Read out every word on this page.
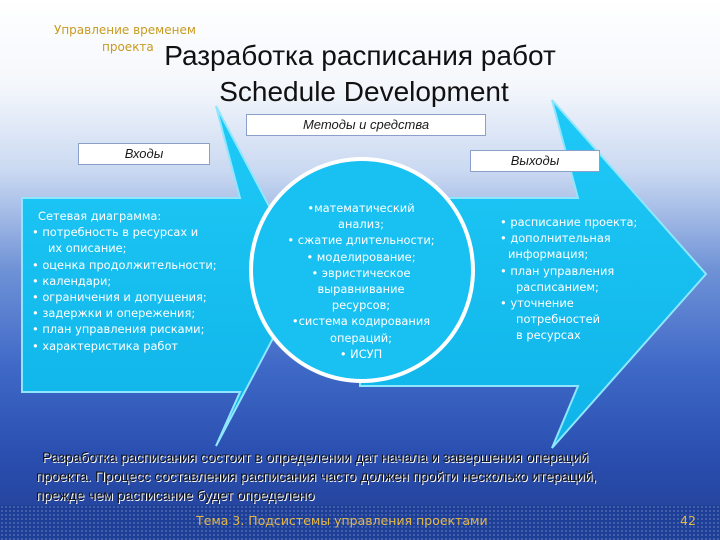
Управление временем
проекта Разработка расписания работ
Schedule Development
Методы и средства
Входы	Выходы

Сетевая диаграмма:

• потребность в ресурсах и

их описание;

• оценка продолжительности;

• календари;

• ограничения и допущения;

• задержки и опережения;

• план управления рисками;

• характеристика работ

•математический

анализ;

• сжатие длительности;

• моделирование;

• эвристическое

выравнивание

ресурсов;

•система кодирования

операций;

• ИСУП

• расписание проекта;

• дополнительная

информация;

• план управления

расписанием;

• уточнение

потребностей

в ресурсах

Разработка расписания состоит в определении дат начала и завершения операций
проекта. Процесс составления расписания часто должен пройти несколько итераций,
прежде чем расписание будет определено
Тема 3. Подсистемы управления проектами	42
